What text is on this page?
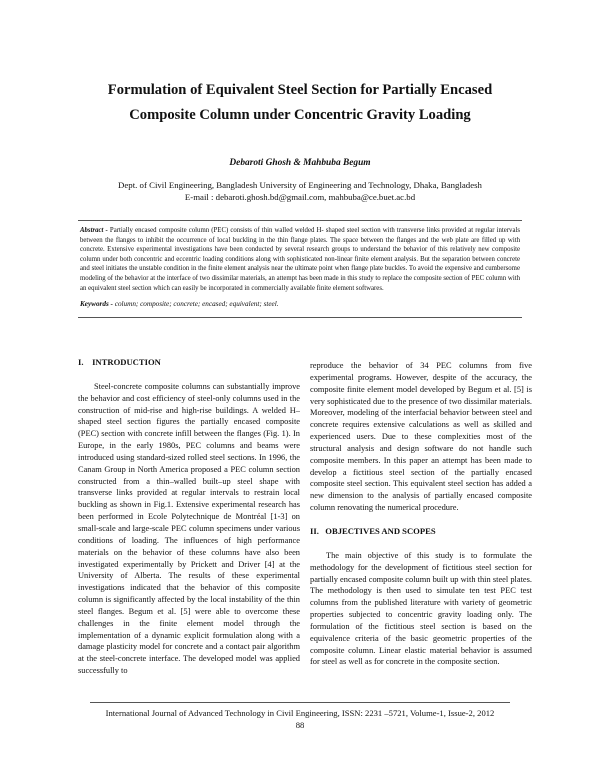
Formulation of Equivalent Steel Section for Partially Encased
Composite Column under Concentric Gravity Loading
Debaroti Ghosh & Mahbuba Begum
Dept. of Civil Engineering, Bangladesh University of Engineering and Technology, Dhaka, Bangladesh
E-mail : debaroti.ghosh.bd@gmail.com, mahbuba@ce.buet.ac.bd
Abstract - Partially encased composite column (PEC) consists of thin walled welded H- shaped steel section with transverse links provided at regular intervals between the flanges to inhibit the occurrence of local buckling in the thin flange plates. The space between the flanges and the web plate are filled up with concrete. Extensive experimental investigations have been conducted by several research groups to understand the behavior of this relatively new composite column under both concentric and eccentric loading conditions along with sophisticated non-linear finite element analysis. But the separation between concrete and steel initiates the unstable condition in the finite element analysis near the ultimate point when flange plate buckles. To avoid the expensive and cumbersome modeling of the behavior at the interface of two dissimilar materials, an attempt has been made in this study to replace the composite section of PEC column with an equivalent steel section which can easily be incorporated in commercially available finite element softwares.
Keywords - column; composite; concrete; encased; equivalent; steel.
I.    INTRODUCTION

Steel-concrete composite columns can substantially improve the behavior and cost efficiency of steel-only columns used in the construction of mid-rise and high-rise buildings. A welded H–shaped steel section figures the partially encased composite (PEC) section with concrete infill between the flanges (Fig. 1). In Europe, in the early 1980s, PEC columns and beams were introduced using standard-sized rolled steel sections. In 1996, the Canam Group in North America proposed a PEC column section constructed from a thin–walled built–up steel shape with transverse links provided at regular intervals to restrain local buckling as shown in Fig.1. Extensive experimental research has been performed in Ecole Polytechnique de Montréal [1-3] on small-scale and large-scale PEC column specimens under various conditions of loading. The influences of high performance materials on the behavior of these columns have also been investigated experimentally by Prickett and Driver [4] at the University of Alberta. The results of these experimental investigations indicated that the behavior of this composite column is significantly affected by the local instability of the thin steel flanges. Begum et al. [5] were able to overcome these challenges in the finite element model through the implementation of a dynamic explicit formulation along with a damage plasticity model for concrete and a contact pair algorithm at the steel-concrete interface. The developed model was applied successfully to

reproduce the behavior of 34 PEC columns from five experimental programs. However, despite of the accuracy, the composite finite element model developed by Begum et al. [5] is very sophisticated due to the presence of two dissimilar materials. Moreover, modeling of the interfacial behavior between steel and concrete requires extensive calculations as well as skilled and experienced users. Due to these complexities most of the structural analysis and design software do not handle such composite members. In this paper an attempt has been made to develop a fictitious steel section of the partially encased composite steel section. This equivalent steel section has added a new dimension to the analysis of partially encased composite column renovating the numerical procedure.

II.   OBJECTIVES AND SCOPES

The main objective of this study is to formulate the methodology for the development of fictitious steel section for partially encased composite column built up with thin steel plates. The methodology is then used to simulate ten test PEC test columns from the published literature with variety of geometric properties subjected to concentric gravity loading only. The formulation of the fictitious steel section is based on the equivalence criteria of the basic geometric properties of the composite column. Linear elastic material behavior is assumed for steel as well as for concrete in the composite section.

International Journal of Advanced Technology in Civil Engineering, ISSN: 2231 –5721, Volume-1, Issue-2, 2012
88
